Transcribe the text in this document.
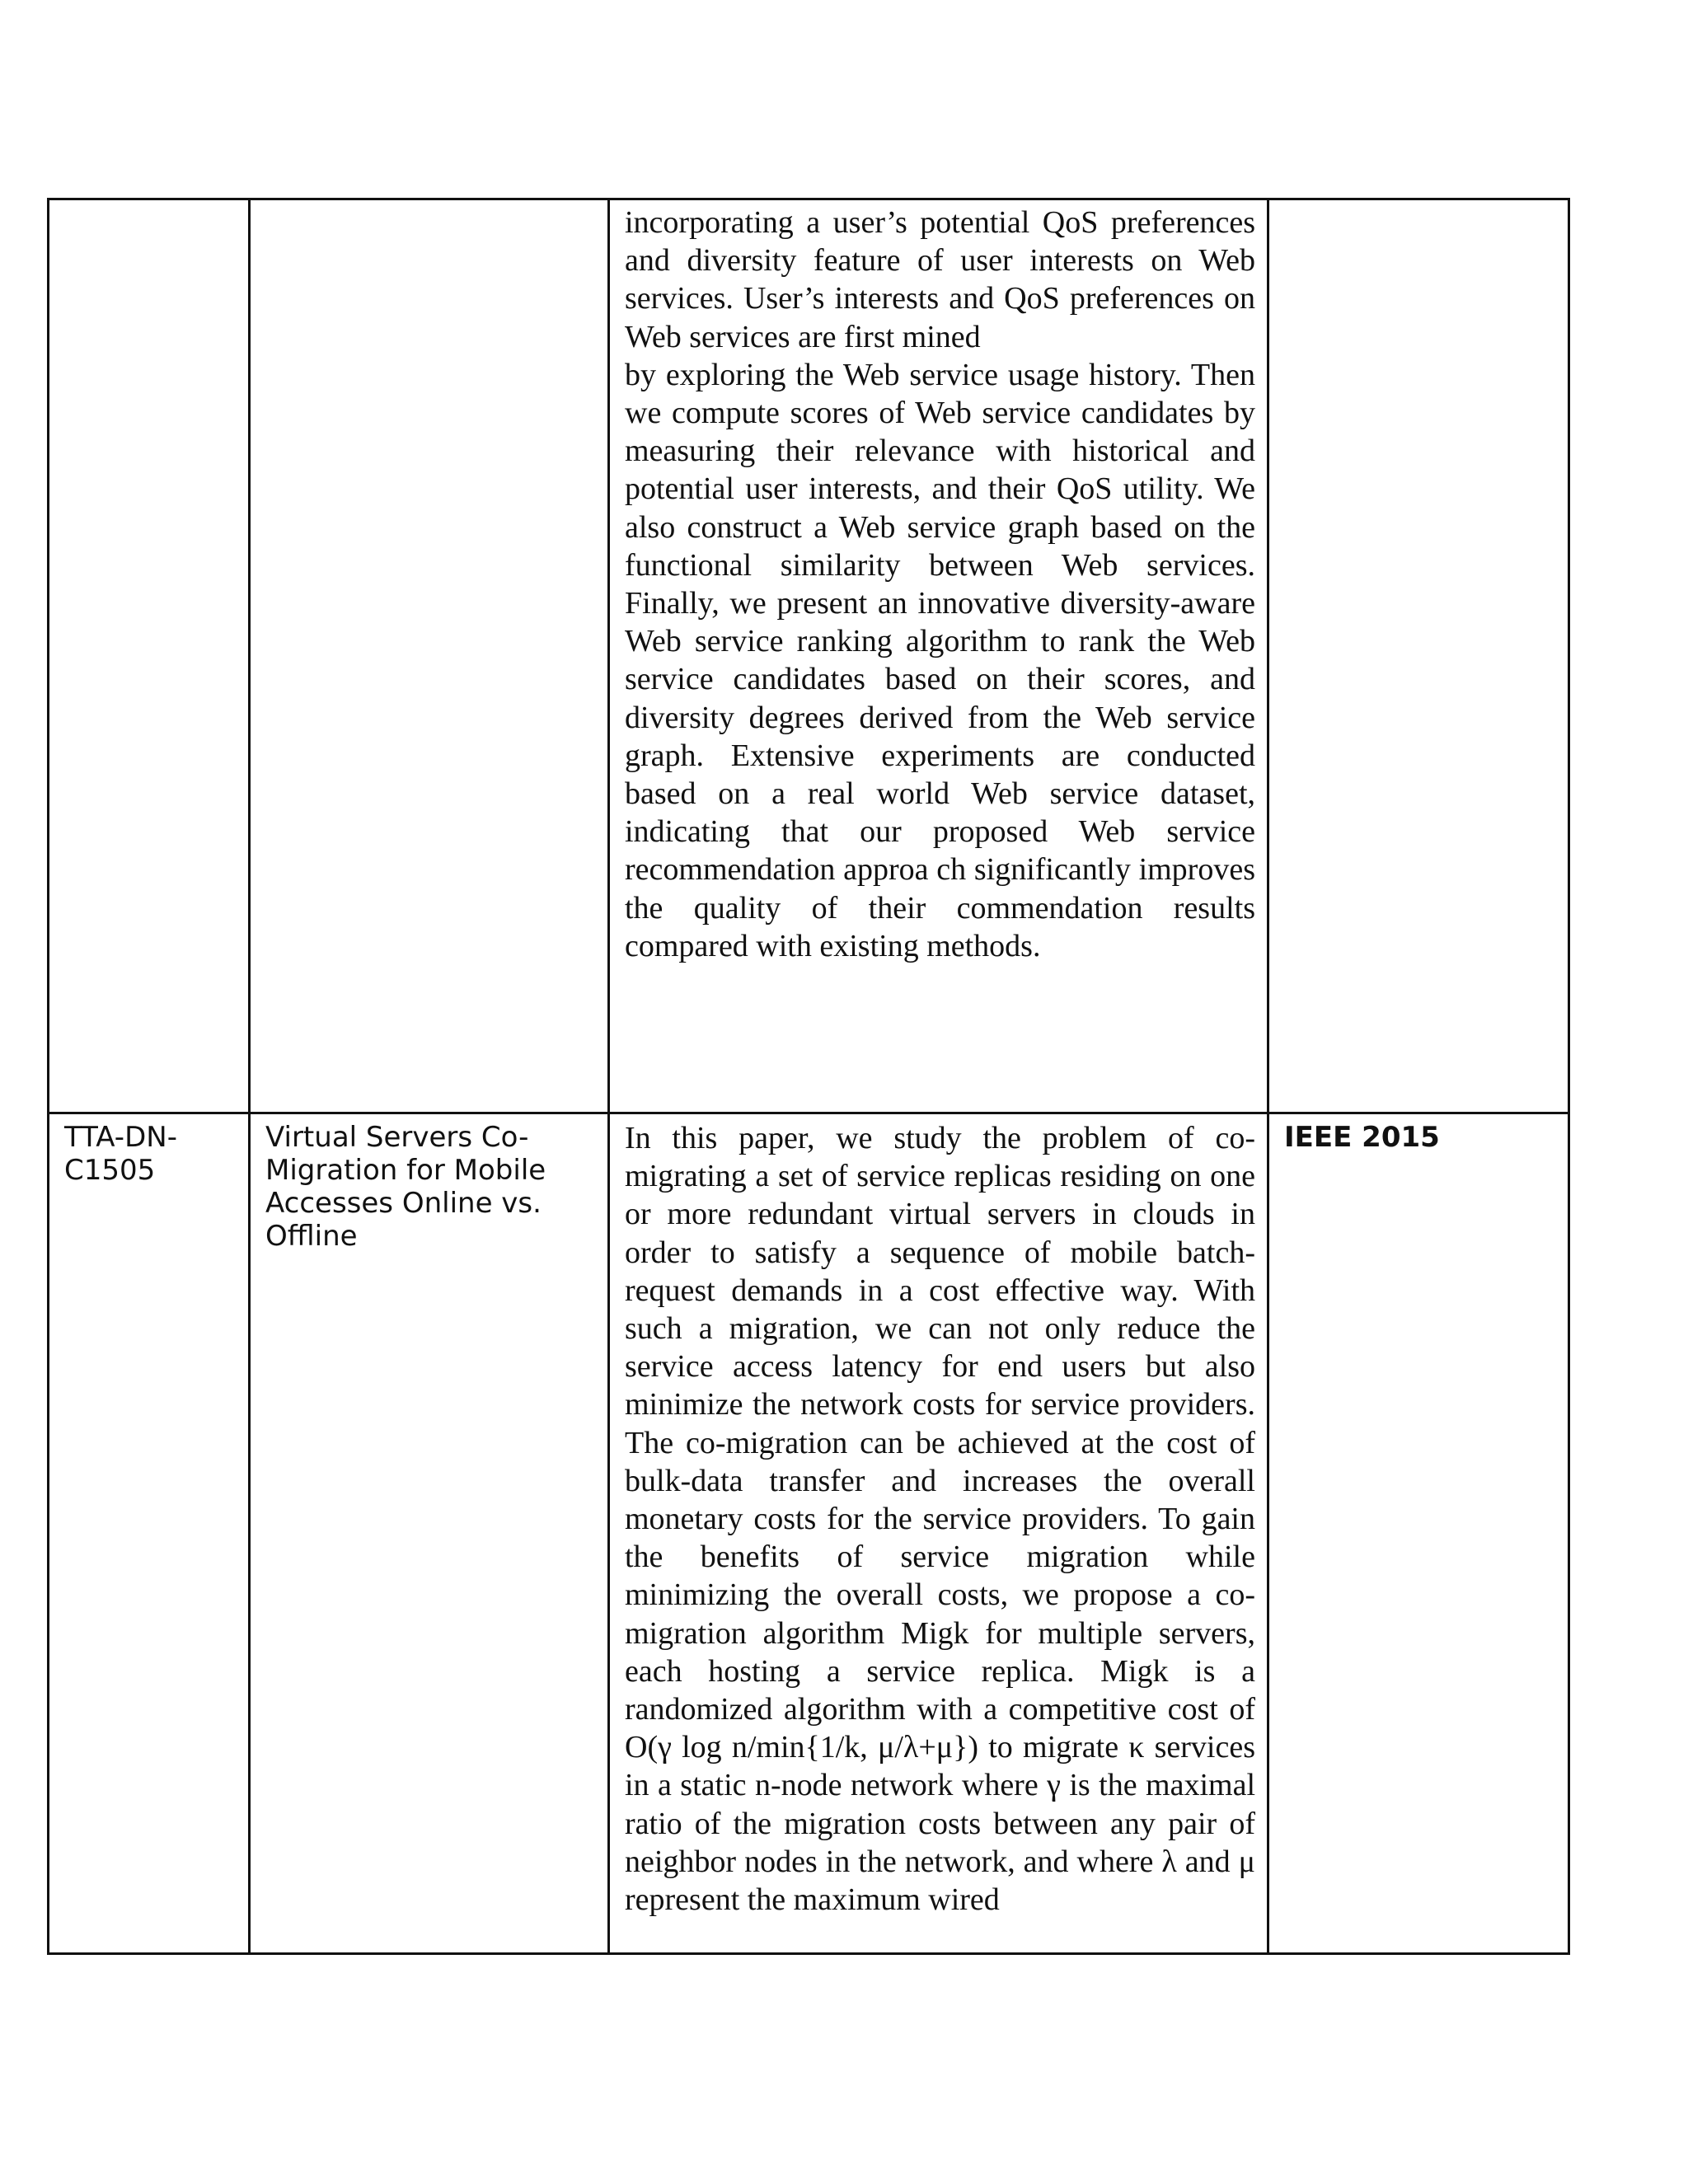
		incorporating a user’s potential QoS preferences and diversity feature of user interests on Web services. User’s interests and QoS preferences on Web services are first mined

by exploring the Web service usage history. Then we compute scores of Web service candidates by measuring their relevance with historical and potential user interests, and their QoS utility. We also construct a Web service graph based on the functional similarity between Web services. Finally, we present an innovative diversity-aware Web service ranking algorithm to rank the Web service candidates based on their scores, and diversity degrees derived from the Web service graph. Extensive experiments are conducted based on a real world Web service dataset, indicating that our proposed Web service recommendation approa ch significantly improves the quality of their commendation results compared with existing methods.	

TTA-DN-C1505	Virtual Servers Co-Migration for Mobile Accesses Online vs. Offline	In this paper, we study the problem of co-migrating a set of service replicas residing on one or more redundant virtual servers in clouds in order to satisfy a sequence of mobile batch-request demands in a cost effective way. With such a migration, we can not only reduce the service access latency for end users but also minimize the network costs for service providers. The co-migration can be achieved at the cost of bulk-data transfer and increases the overall monetary costs for the service providers. To gain the benefits of service migration while minimizing the overall costs, we propose a co-migration algorithm Migk for multiple servers, each hosting a service replica. Migk is a randomized algorithm with a competitive cost of O(γ log n/min{1/k, μ/λ+μ}) to migrate κ services in a static n-node network where γ is the maximal ratio of the migration costs between any pair of neighbor nodes in the network, and where λ and μ represent the maximum wired	IEEE 2015
